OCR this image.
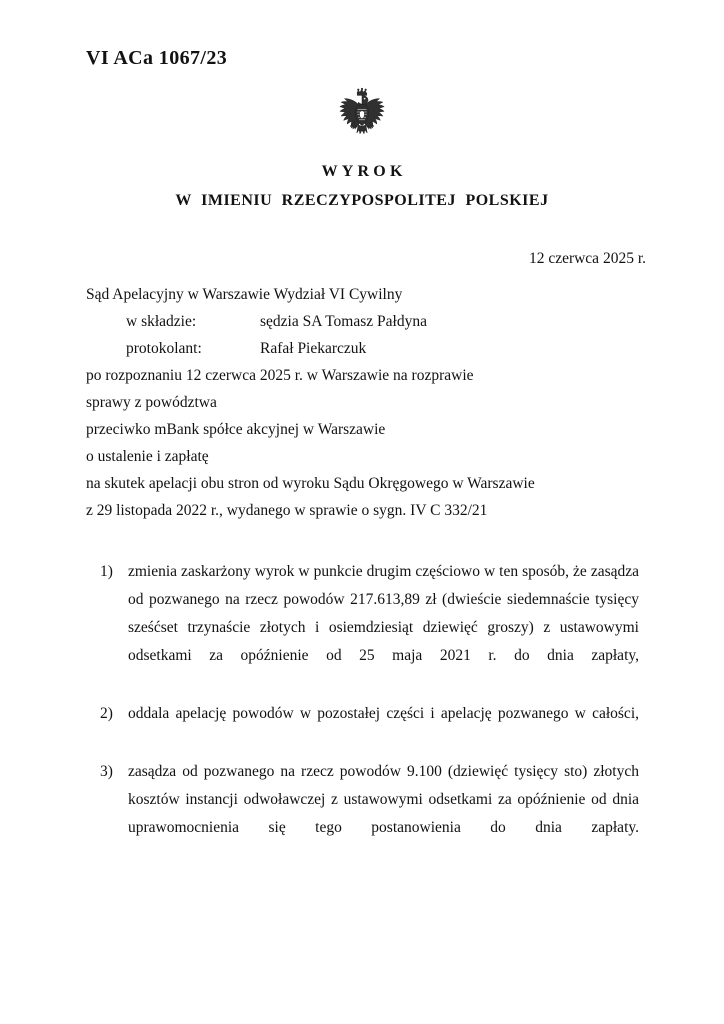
VI ACa 1067/23
WYROK
W IMIENIU RZECZYPOSPOLITEJ POLSKIEJ
12 czerwca 2025 r.
Sąd Apelacyjny w Warszawie Wydział VI Cywilny
w składzie:	sędzia SA Tomasz Pałdyna
protokolant:	Rafał Piekarczuk
po rozpoznaniu 12 czerwca 2025 r. w Warszawie na rozprawie
sprawy z powództwa
przeciwko mBank spółce akcyjnej w Warszawie
o ustalenie i zapłatę
na skutek apelacji obu stron od wyroku Sądu Okręgowego w Warszawie
z 29 listopada 2022 r., wydanego w sprawie o sygn. IV C 332/21
1) zmienia zaskarżony wyrok w punkcie drugim częściowo w ten sposób, że zasądza od pozwanego na rzecz powodów 217.613,89 zł (dwieście siedemnaście tysięcy sześćset trzynaście złotych i osiemdziesiąt dziewięć groszy) z ustawowymi odsetkami za opóźnienie od 25 maja 2021 r. do dnia zapłaty,
2) oddala apelację powodów w pozostałej części i apelację pozwanego w całości,
3) zasądza od pozwanego na rzecz powodów 9.100 (dziewięć tysięcy sto) złotych kosztów instancji odwoławczej z ustawowymi odsetkami za opóźnienie od dnia uprawomocnienia się tego postanowienia do dnia zapłaty.
